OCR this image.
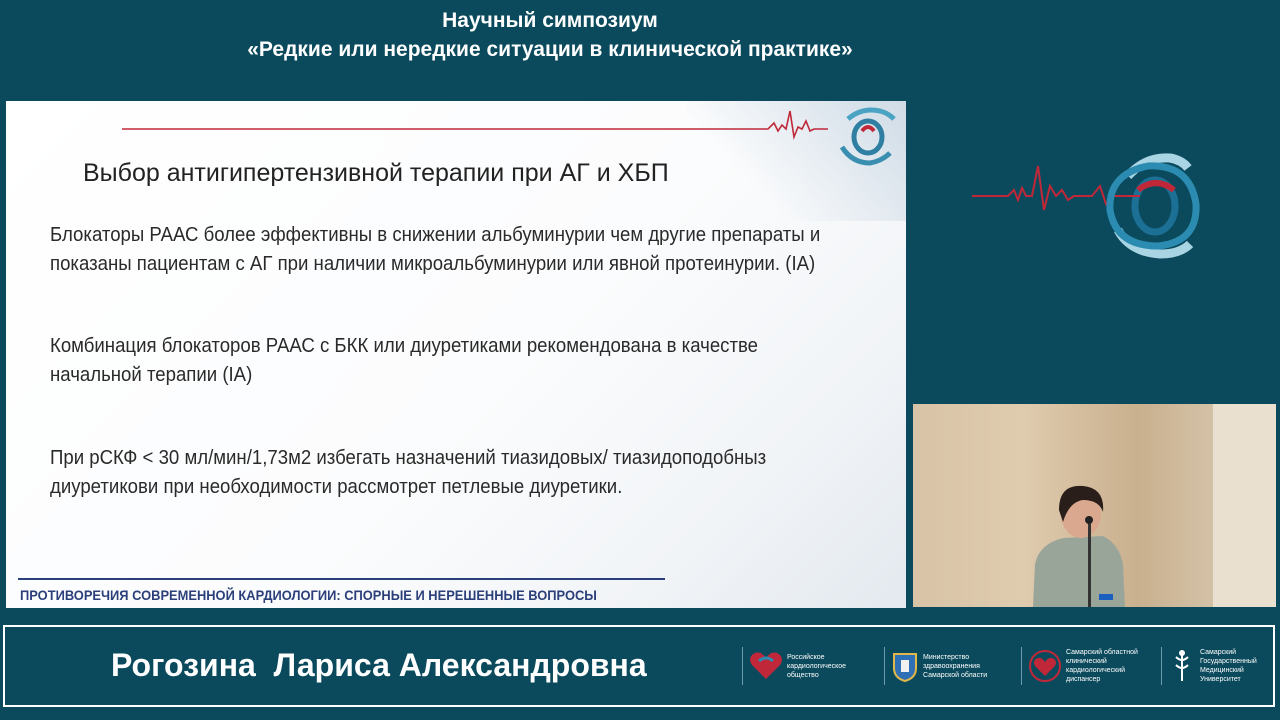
Научный симпозиум
«Редкие или нередкие ситуации в клинической практике»
Выбор антигипертензивной терапии при АГ и ХБП
Блокаторы РААС более эффективны в снижении альбуминурии чем другие препараты и
показаны пациентам с АГ при наличии микроальбуминурии или явной протеинурии. (IA)
Комбинация блокаторов РААС с БКК или диуретиками рекомендована в качестве
начальной терапии (IA)
При рСКФ < 30 мл/мин/1,73м2 избегать назначений тиазидовых/ тиазидоподобныз
диуретикови при необходимости рассмотрет петлевые диуретики.
ПРОТИВОРЕЧИЯ СОВРЕМЕННОЙ КАРДИОЛОГИИ: СПОРНЫЕ И НЕРЕШЕННЫЕ ВОПРОСЫ
Рогозина  Лариса Александровна	Российское
кардиологическое
общество
Министерство
здравоохранения
Самарской области
Самарский областной
клинический
кардиологический
диспансер
Самарский
Государственный
Медицинский
Университет
